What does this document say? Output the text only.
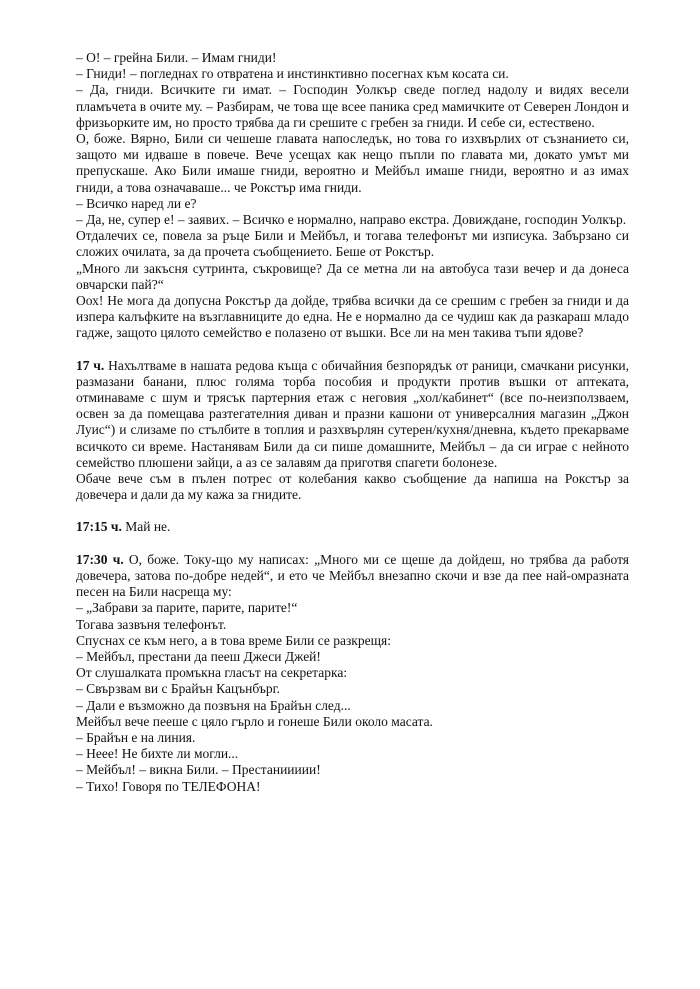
– О! – грейна Били. – Имам гниди!

– Гниди! – погледнах го отвратена и инстинктивно посегнах към косата си.

– Да, гниди. Всичките ги имат. – Господин Уолкър сведе поглед надолу и видях весели пламъчета в очите му. – Разбирам, че това ще всее паника сред мамичките от Северен Лондон и фризьорките им, но просто трябва да ги срешите с гребен за гниди. И себе си, естествено.

О, боже. Вярно, Били си чешеше главата напоследък, но това го изхвърлих от съзнанието си, защото ми идваше в повече. Вече усещах как нещо пъпли по главата ми, докато умът ми препускаше. Ако Били имаше гниди, вероятно и Мейбъл имаше гниди, вероятно и аз имах гниди, а това означаваше... че Рокстър има гниди.

– Всичко наред ли е?

– Да, не, супер е! – заявих. – Всичко е нормално, направо екстра. Довиждане, господин Уолкър.

Отдалечих се, повела за ръце Били и Мейбъл, и тогава телефонът ми изписука. Забързано си сложих очилата, за да прочета съобщението. Беше от Рокстър.

„Много ли закъсня сутринта, съкровище? Да се метна ли на автобуса тази вечер и да донеса овчарски пай?“

Оох! Не мога да допусна Рокстър да дойде, трябва всички да се срешим с гребен за гниди и да изпера калъфките на възглавниците до една. Не е нормално да се чудиш как да разкараш младо гадже, защото цялото семейство е полазено от въшки. Все ли на мен такива тъпи ядове?

17 ч. Нахълтваме в нашата редова къща с обичайния безпорядък от раници, смачкани рисунки, размазани банани, плюс голяма торба пособия и продукти против въшки от аптеката, отминаваме с шум и трясък партерния етаж с неговия „хол/кабинет“ (все по-неизползваем, освен за да помещава разтегателния диван и празни кашони от универсалния магазин „Джон Луис“) и слизаме по стълбите в топлия и разхвърлян сутерен/кухня/дневна, където прекарваме всичкото си време. Настанявам Били да си пише домашните, Мейбъл – да си играе с нейното семейство плюшени зайци, а аз се залавям да приготвя спагети болонезе.

Обаче вече съм в пълен потрес от колебания какво съобщение да напиша на Рокстър за довечера и дали да му кажа за гнидите.

17:15 ч. Май не.

17:30 ч. О, боже. Току-що му написах: „Много ми се щеше да дойдеш, но трябва да работя довечера, затова по-добре недей“, и ето че Мейбъл внезапно скочи и взе да пее най-омразната песен на Били насреща му:

– „Забрави за парите, парите, парите!“

Тогава зазвъня телефонът.

Спуснах се към него, а в това време Били се разкрещя:

– Мейбъл, престани да пееш Джеси Джей!

От слушалката промъкна гласът на секретарка:

– Свързвам ви с Брайън Кацънбърг.

– Дали е възможно да позвъня на Брайън след...

Мейбъл вече пееше с цяло гърло и гонеше Били около масата.

– Брайън е на линия.

– Нeee! Не бихте ли могли...

– Мейбъл! – викна Били. – Престаниииии!

– Тихо! Говоря по ТЕЛЕФОНА!
